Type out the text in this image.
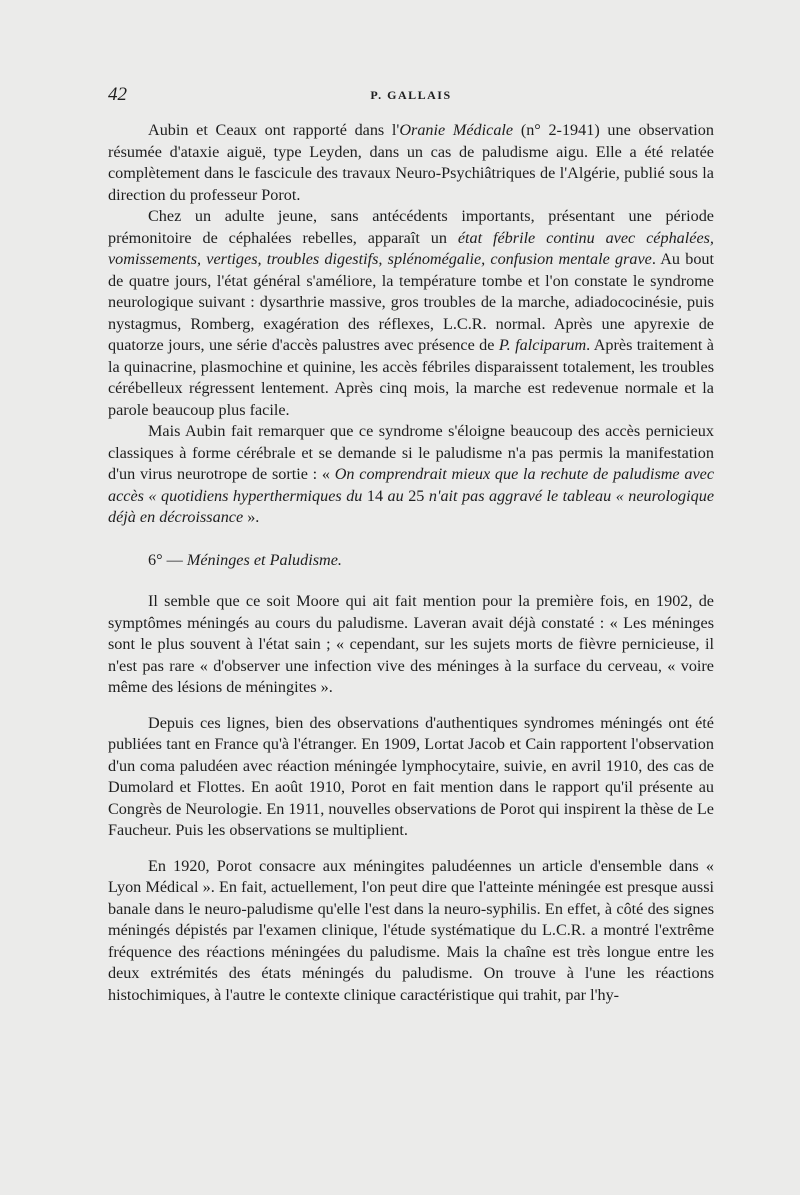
42	P. GALLAIS

Aubin et Ceaux ont rapporté dans l'Oranie Médicale (n° 2-1941) une observation résumée d'ataxie aiguë, type Leyden, dans un cas de paludisme aigu. Elle a été relatée complètement dans le fascicule des travaux Neuro-Psychiâtriques de l'Algérie, publié sous la direction du professeur Porot.

Chez un adulte jeune, sans antécédents importants, présentant une période prémonitoire de céphalées rebelles, apparaît un état fébrile continu avec céphalées, vomissements, vertiges, troubles digestifs, splénomégalie, confusion mentale grave. Au bout de quatre jours, l'état général s'améliore, la température tombe et l'on constate le syndrome neurologique suivant : dysarthrie massive, gros troubles de la marche, adiadococinésie, puis nystagmus, Romberg, exagération des réflexes, L.C.R. normal. Après une apyrexie de quatorze jours, une série d'accès palustres avec présence de P. falciparum. Après traitement à la quinacrine, plasmochine et quinine, les accès fébriles disparaissent totalement, les troubles cérébelleux régressent lentement. Après cinq mois, la marche est redevenue normale et la parole beaucoup plus facile.

Mais Aubin fait remarquer que ce syndrome s'éloigne beaucoup des accès pernicieux classiques à forme cérébrale et se demande si le paludisme n'a pas permis la manifestation d'un virus neurotrope de sortie : « On comprendrait mieux que la rechute de paludisme avec accès « quotidiens hyperthermiques du 14 au 25 n'ait pas aggravé le tableau « neurologique déjà en décroissance ».

6° — Méninges et Paludisme.

Il semble que ce soit Moore qui ait fait mention pour la première fois, en 1902, de symptômes méningés au cours du paludisme. Laveran avait déjà constaté : « Les méninges sont le plus souvent à l'état sain ; « cependant, sur les sujets morts de fièvre pernicieuse, il n'est pas rare « d'observer une infection vive des méninges à la surface du cerveau, « voire même des lésions de méningites ».

Depuis ces lignes, bien des observations d'authentiques syndromes méningés ont été publiées tant en France qu'à l'étranger. En 1909, Lortat Jacob et Cain rapportent l'observation d'un coma paludéen avec réaction méningée lymphocytaire, suivie, en avril 1910, des cas de Dumolard et Flottes. En août 1910, Porot en fait mention dans le rapport qu'il présente au Congrès de Neurologie. En 1911, nouvelles observations de Porot qui inspirent la thèse de Le Faucheur. Puis les observations se multiplient.

En 1920, Porot consacre aux méningites paludéennes un article d'ensemble dans « Lyon Médical ». En fait, actuellement, l'on peut dire que l'atteinte méningée est presque aussi banale dans le neuro-paludisme qu'elle l'est dans la neuro-syphilis. En effet, à côté des signes méningés dépistés par l'examen clinique, l'étude systématique du L.C.R. a montré l'extrême fréquence des réactions méningées du paludisme. Mais la chaîne est très longue entre les deux extrémités des états méningés du paludisme. On trouve à l'une les réactions histochimiques, à l'autre le contexte clinique caractéristique qui trahit, par l'hy-
